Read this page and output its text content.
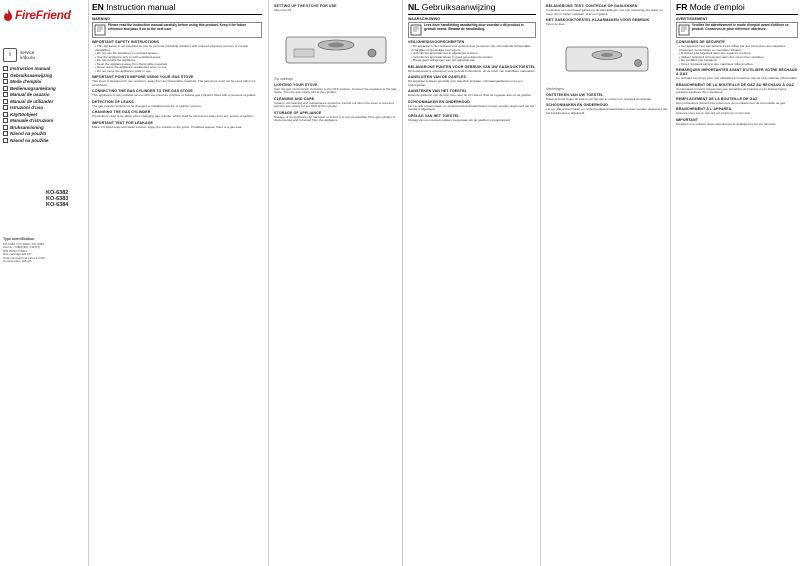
FireFriend
i	service
ir/do.eu
Instruction manual
Gebruiksaanwijzing
Mode d'emploi
Bedienungsanleitung
Manual de usuario
Manual de utilizador
Istruzioni d'uso
Käyttöohjeet
Manuale d'istruzioni
Bruksanvisning
Návod na použití
Návod na použitie
KO-6382
KO-6383
KO-6384
Type identification
KO-6382 / KO-6383 / KO-6384
Cat I3+ / I3B/P(30) / I3P(37)
PIN 2531CT-0001
Gas cartridge EN 417
Total nominal heat input 2.3 kW
Consumption 165 g/h
EN Instruction manual
WARNING
Please read the instruction manual carefully before using this product. Keep it for future reference and pass it on to the next user.
IMPORTANT SAFETY INSTRUCTIONS
• This appliance is not intended for use by persons (including children) with reduced physical, sensory or mental capabilities.
• Do not use the appliance in confined spaces.
• Use the appliance only in well ventilated areas.
• Do not modify the appliance.
• Keep the appliance away from flammable materials.
• Never leave the appliance unattended when in use.
• Do not move the appliance while in use.
IMPORTANT POINTS BEFORE USING YOUR GAS STOVE
This stove is designed for use outdoors, away from any flammable materials. The gas stove must not be used without a windshield.
CONNECTING THE GAS CYLINDER TO THE GAS STOVE
This appliance is only suitable for use with low pressure propane or butane gas cylinders fitted with a pressure regulator.
DETECTION OF LEAKS
The gas cylinder should not be changed or installed near fire or ignition sources.
CHANGING THE GAS CYLINDER
Precautions need to be taken when changing gas cylinder, which shall be carried out away from any source of ignition.
IMPORTANT TEST FOR LEAKAGE
Make 1:3 liquid soap and water solution. Apply the solution to the joints. If bubbles appear, there is a gas leak.
SETTING UP THE STOVE FOR USE
Open the lid.
Top markings
LIGHTING YOUR STOVE
Turn the gas control knob clockwise to the OFF position. Connect the regulator to the gas bottle. Turn the gas supply ON at the cylinder.
CLEANING AND CARE
Caution: All cleaning and maintenance should be carried out when the stove is cool and with the gas supply turned OFF at the cylinder.
STORAGE OF APPLIANCE
Storage of an appliance (for transport or indoors) is only permissible if the gas cylinder is disconnected and removed from the appliance.
NL Gebruiksaanwijzing
WAARSCHUWING
Lees deze handleiding aandachtig door voordat u dit product in gebruik neemt. Bewaar de handleiding.
VEILIGHEIDSVOORSCHRIFTEN
• Dit apparaat is niet bedoeld voor gebruik door personen met verminderde lichamelijke, zintuiglijke of geestelijke vermogens.
• Gebruik het apparaat niet in afgesloten ruimten.
• Gebruik het apparaat alleen in goed geventileerde ruimten.
• Breng geen wijzigingen aan het apparaat aan.
BELANGRIJKE PUNTEN VOOR GEBRUIK VAN UW GASKOOKTOESTEL
Dit kooktoestel is ontworpen voor gebruik buitenshuis, uit de buurt van brandbare materialen.
AANSLUITEN VAN DE GASFLES
Dit apparaat is alleen geschikt voor lagedruk propaan- of butaangasflessen met een drukregelaar.
AANSTEKEN VAN HET TOESTEL
Draai de gasknop met de klok mee naar de UIT-stand. Sluit de regelaar aan op de gasfles.
SCHOONMAKEN EN ONDERHOUD
Let op: alle schoonmaak- en onderhoudswerkzaamheden moeten worden uitgevoerd als het toestel is afgekoeld.
OPSLAG VAN HET TOESTEL
Opslag van een toestel is alleen toegestaan als de gasfles is losgekoppeld.
BELANGRIJKE TEST: CONTROLE OP GASLEKKEN
Controleer een eventueel gaslek op de aansluitingen met een oplossing van water en zeep. Als er bellen ontstaan, is er een gaslek.
HET GASKOOKTOESTEL KLAARMAKEN VOOR GEBRUIK
Open de klep.
Markeringen
ONTSTEKEN VAN UW TOESTEL
Draai de knop tegen de klok in om het gas te openen en ontsteek de brander.
SCHOONMAKEN EN ONDERHOUD
Let op: alle schoonmaak- en onderhoudswerkzaamheden moeten worden uitgevoerd als het kooktoestel is afgekoeld.
FR Mode d'emploi
AVERTISSEMENT
Veuillez lire attentivement le mode d'emploi avant d'utiliser ce produit. Conservez-le pour référence ultérieure.
CONSIGNES DE SÉCURITÉ
• Cet appareil n'est pas destiné à être utilisé par des personnes aux capacités physiques, sensorielles ou mentales réduites.
• N'utilisez pas l'appareil dans des espaces confinés.
• Utilisez l'appareil uniquement dans des zones bien ventilées.
• Ne modifiez pas l'appareil.
• Tenez l'appareil éloigné des matériaux inflammables.
REMARQUES IMPORTANTES AVANT D'UTILISER VOTRE RÉCHAUD À GAZ
Ce réchaud est conçu pour une utilisation à l'extérieur, loin de tout matériau inflammable.
BRANCHEMENT DE LA BOUTEILLE DE GAZ AU RÉCHAUD À GAZ
Cet appareil convient uniquement aux bouteilles de propane ou de butane basse pression équipées d'un régulateur.
REMPLACEMENT DE LA BOUTEILLE DE GAZ
Des précautions doivent être prises lors du remplacement de la bouteille de gaz.
BRANCHEMENT À L'APPAREIL
Assurez-vous que le raccord est propre et en bon état.
IMPORTANT
Préparez une solution d'eau savonneuse et appliquez-la sur les raccords.
